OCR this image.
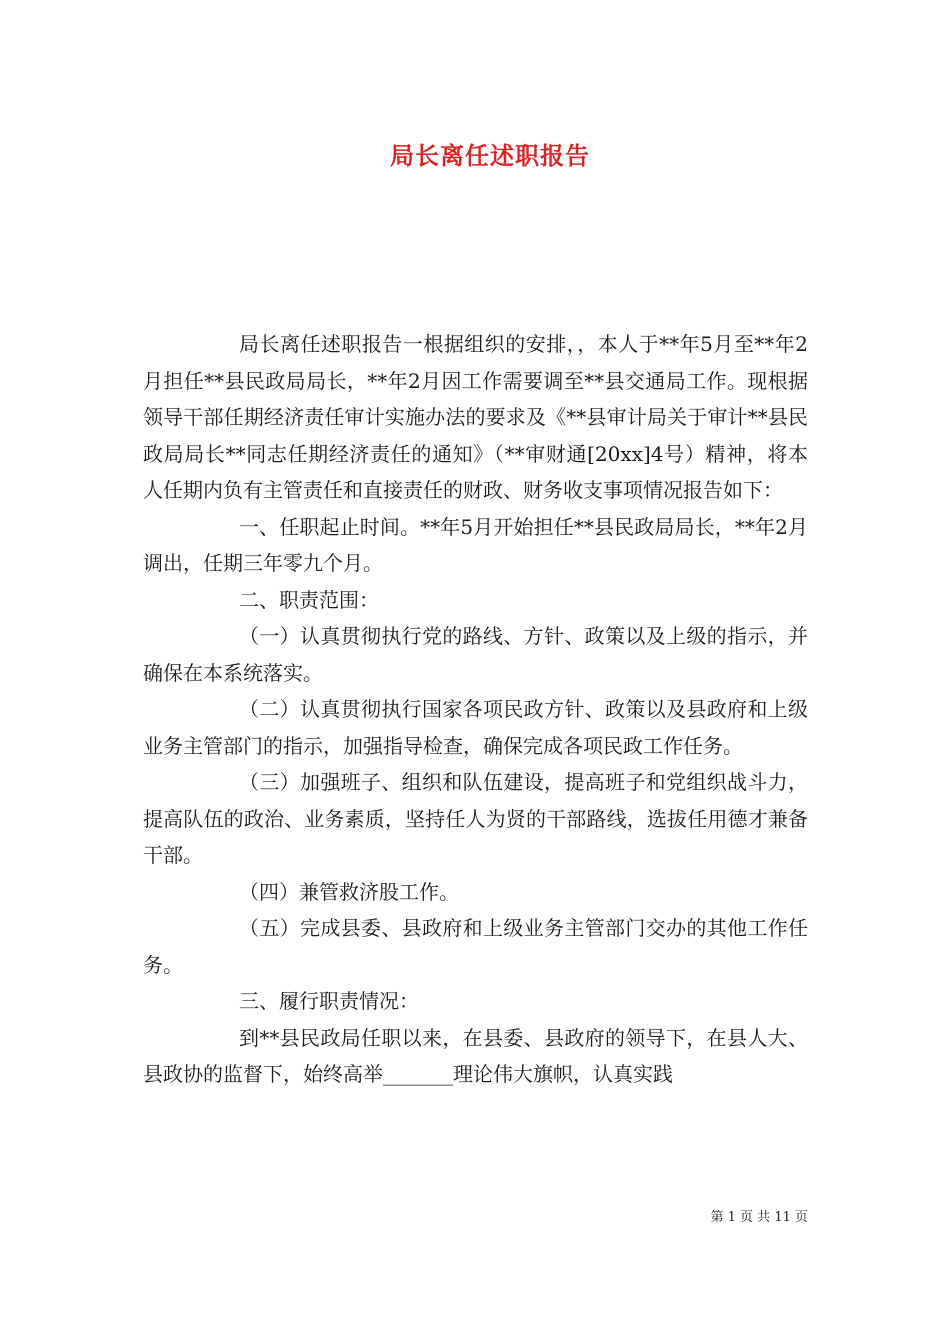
局长离任述职报告

局长离任述职报告一根据组织的安排，，本人于**年5月至**年2月担任**县民政局局长，**年2月因工作需要调至**县交通局工作。现根据领导干部任期经济责任审计实施办法的要求及《**县审计局关于审计**县民政局局长**同志任期经济责任的通知》（**审财通[20xx]4号）精神，将本人任期内负有主管责任和直接责任的财政、财务收支事项情况报告如下：

一、任职起止时间。**年5月开始担任**县民政局局长，**年2月调出，任期三年零九个月。

二、职责范围：

（一）认真贯彻执行党的路线、方针、政策以及上级的指示，并确保在本系统落实。

（二）认真贯彻执行国家各项民政方针、政策以及县政府和上级业务主管部门的指示，加强指导检查，确保完成各项民政工作任务。

（三）加强班子、组织和队伍建设，提高班子和党组织战斗力，提高队伍的政治、业务素质，坚持任人为贤的干部路线，选拔任用德才兼备干部。

（四）兼管救济股工作。

（五）完成县委、县政府和上级业务主管部门交办的其他工作任务。

三、履行职责情况：

到**县民政局任职以来，在县委、县政府的领导下，在县人大、县政协的监督下，始终高举_______理论伟大旗帜，认真实践

第 1 页 共 11 页
